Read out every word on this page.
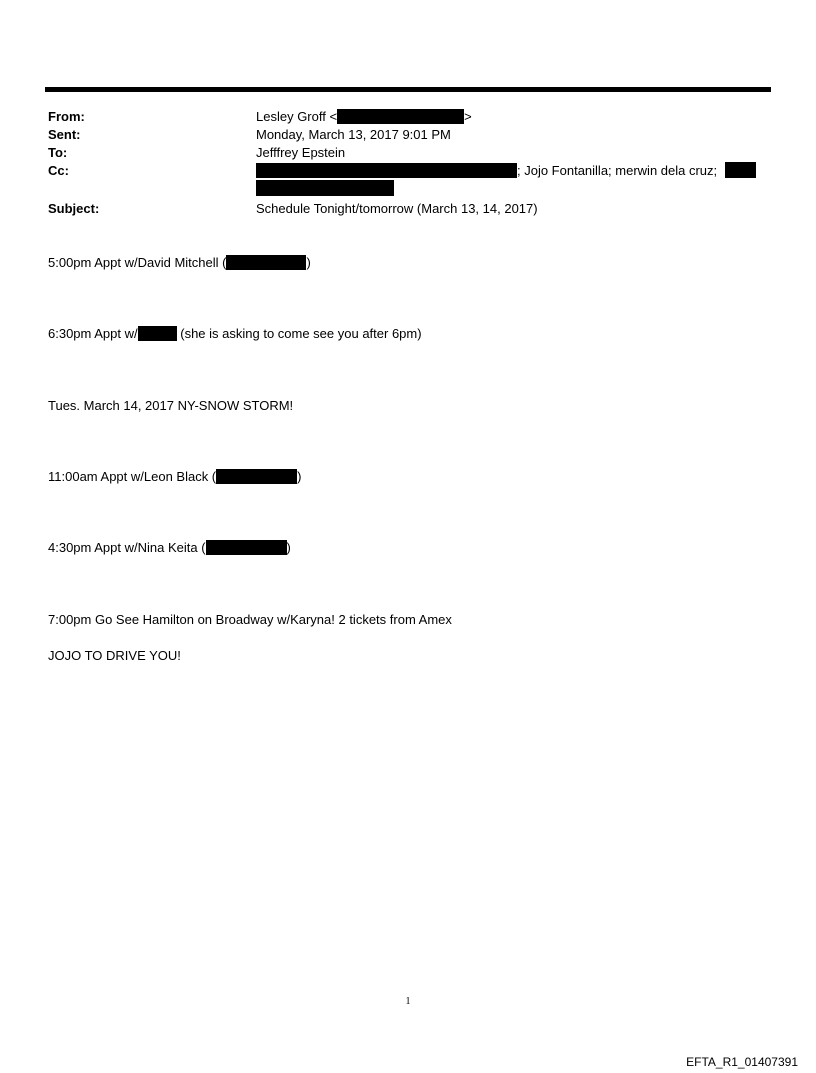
From:	Lesley Groff <	>
Sent:	Monday, March 13, 2017 9:01 PM
To:	Jefffrey Epstein
Cc:	; Jojo Fontanilla; merwin dela cruz;
Subject:	Schedule Tonight/tomorrow (March 13, 14, 2017)
5:00pm Appt w/David Mitchell (	)
6:30pm Appt w/	(she is asking to come see you after 6pm)
Tues. March 14, 2017 NY-SNOW STORM!
11:00am Appt w/Leon Black (	)
4:30pm Appt w/Nina Keita (	)
7:00pm Go See Hamilton on Broadway w/Karyna! 2 tickets from Amex
JOJO TO DRIVE YOU!
1
EFTA_R1_01407391
